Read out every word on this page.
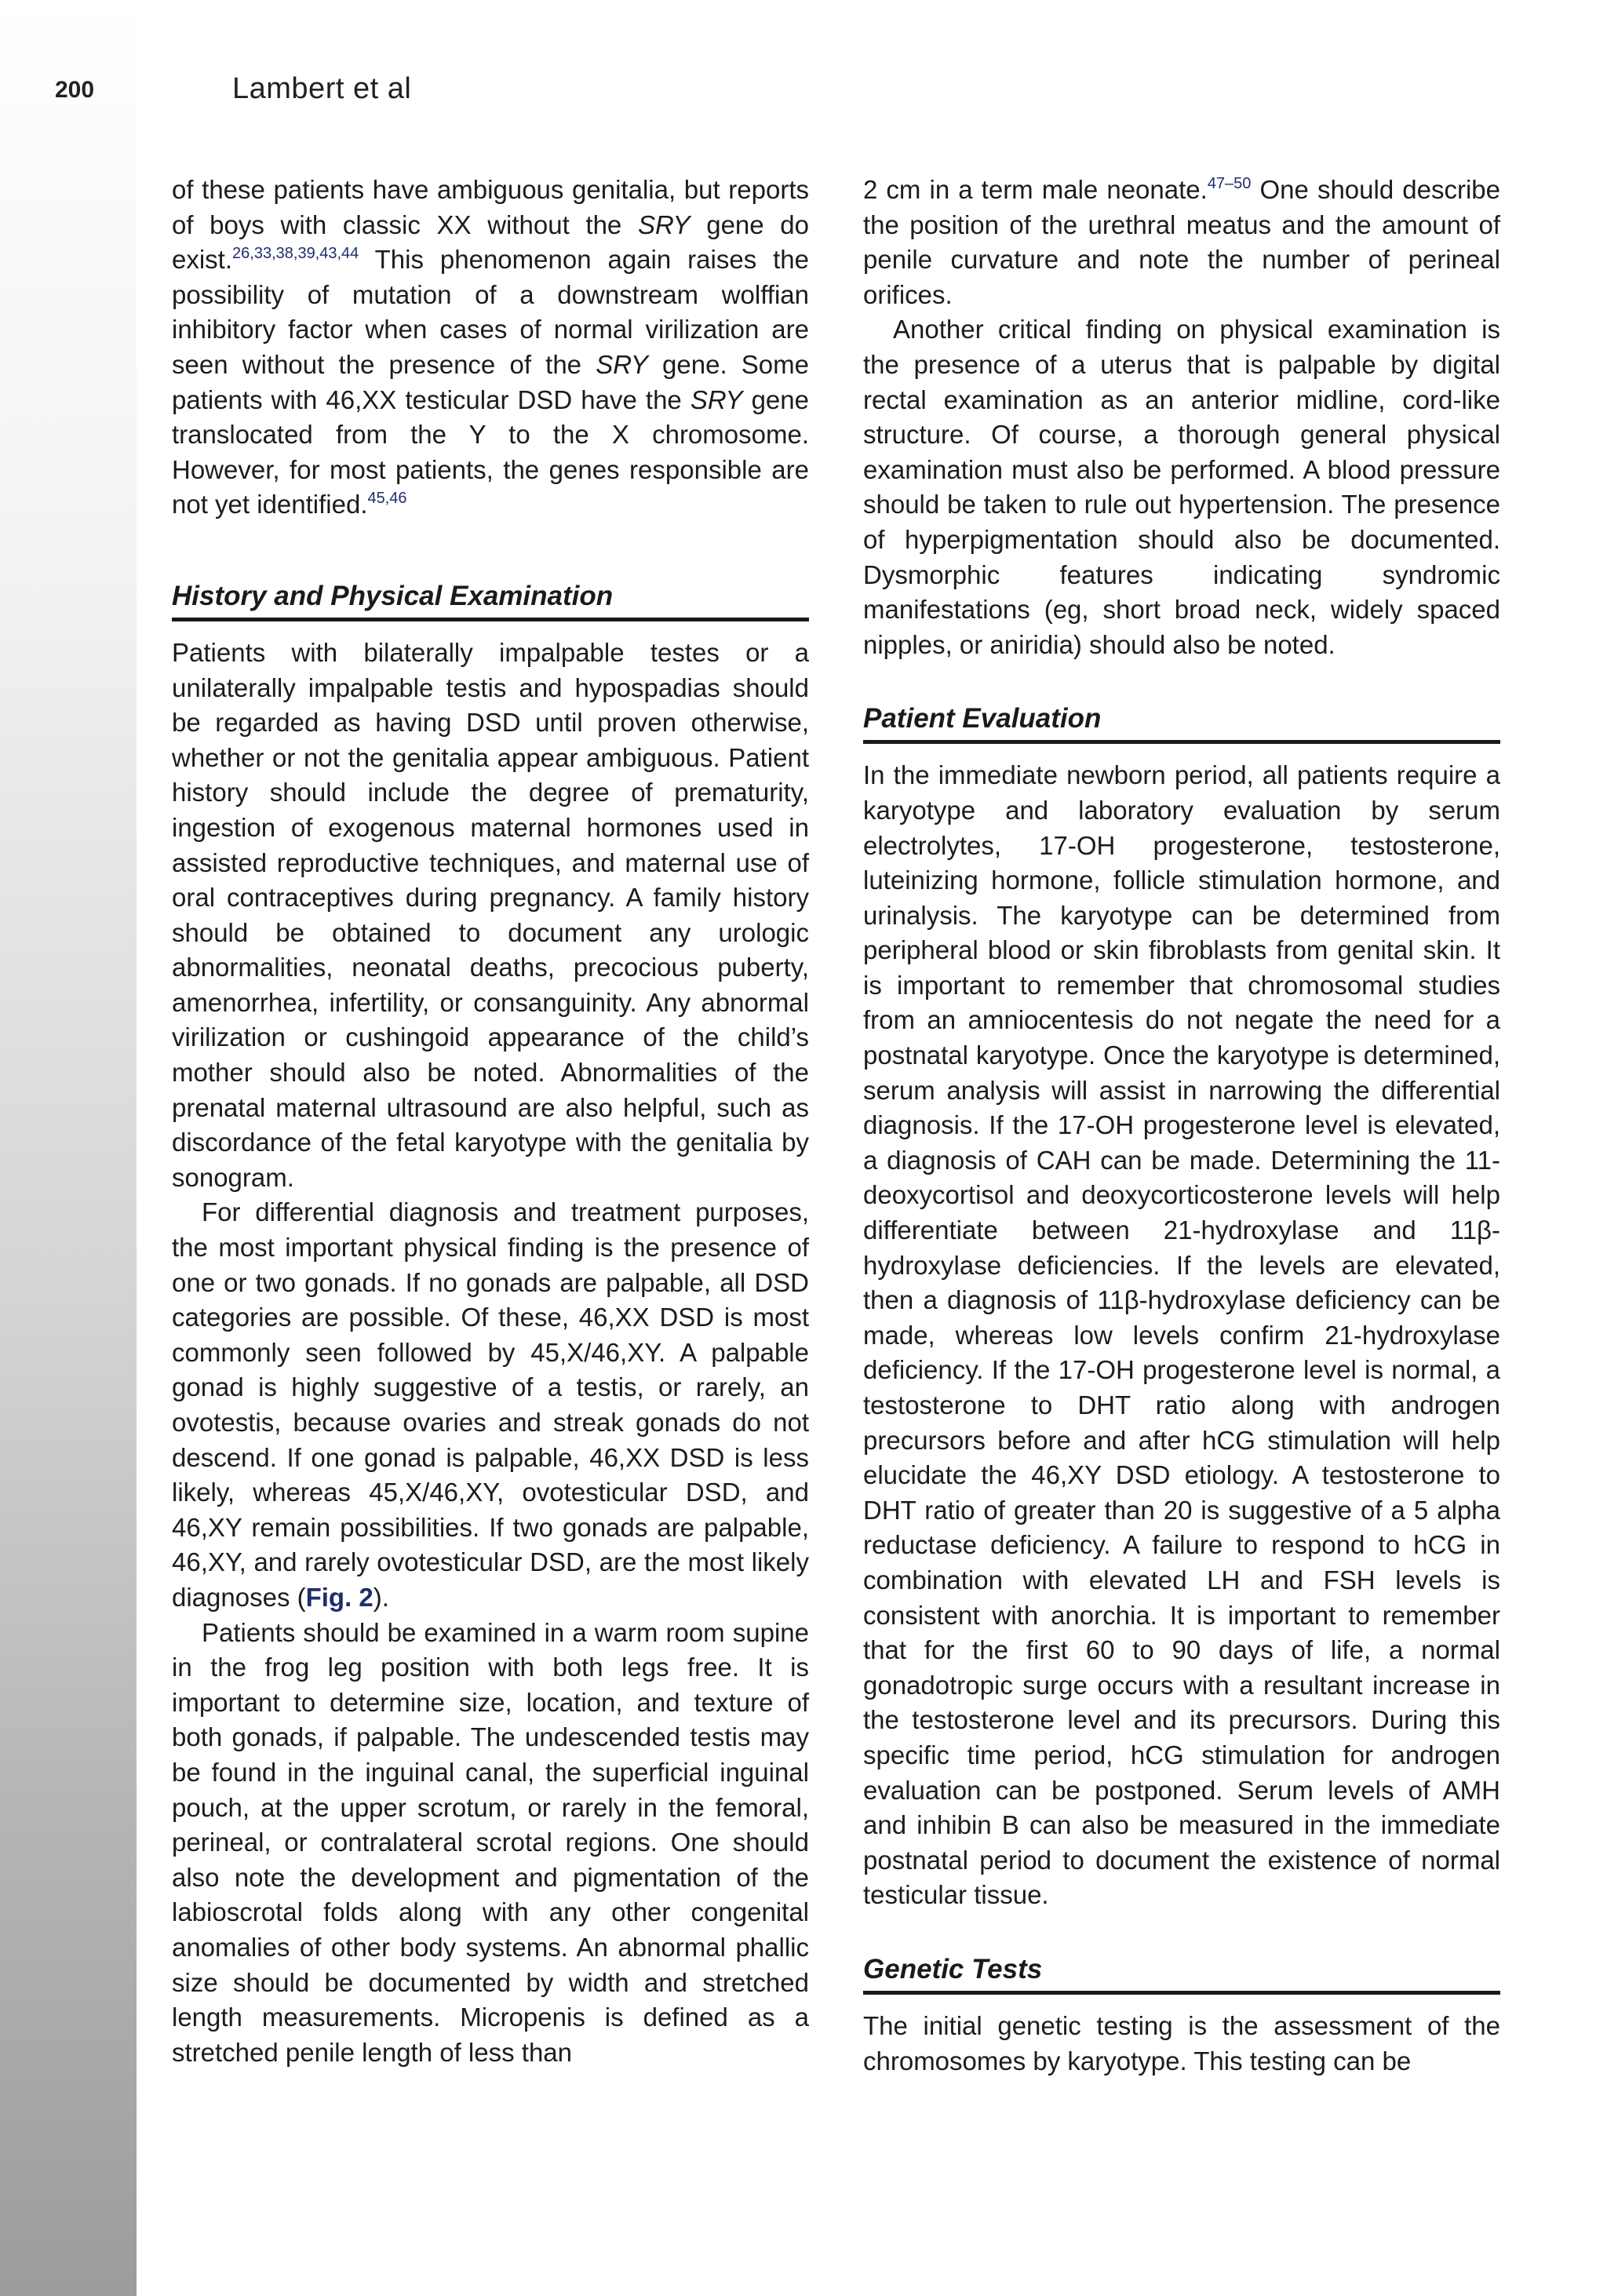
200	Lambert et al

of these patients have ambiguous genitalia, but reports of boys with classic XX without the SRY gene do exist.$^{26,33,38,39,43,44}$ This phenomenon again raises the possibility of mutation of a downstream wolffian inhibitory factor when cases of normal virilization are seen without the presence of the SRY gene. Some patients with 46,XX testicular DSD have the SRY gene translocated from the Y to the X chromosome. However, for most patients, the genes responsible are not yet identified.$^{45,46}$

History and Physical Examination

Patients with bilaterally impalpable testes or a unilaterally impalpable testis and hypospadias should be regarded as having DSD until proven otherwise, whether or not the genitalia appear ambiguous. Patient history should include the degree of prematurity, ingestion of exogenous maternal hormones used in assisted reproductive techniques, and maternal use of oral contraceptives during pregnancy. A family history should be obtained to document any urologic abnormalities, neonatal deaths, precocious puberty, amenorrhea, infertility, or consanguinity. Any abnormal virilization or cushingoid appearance of the child’s mother should also be noted. Abnormalities of the prenatal maternal ultrasound are also helpful, such as discordance of the fetal karyotype with the genitalia by sonogram.

For differential diagnosis and treatment purposes, the most important physical finding is the presence of one or two gonads. If no gonads are palpable, all DSD categories are possible. Of these, 46,XX DSD is most commonly seen followed by 45,X/46,XY. A palpable gonad is highly suggestive of a testis, or rarely, an ovotestis, because ovaries and streak gonads do not descend. If one gonad is palpable, 46,XX DSD is less likely, whereas 45,X/46,XY, ovotesticular DSD, and 46,XY remain possibilities. If two gonads are palpable, 46,XY, and rarely ovotesticular DSD, are the most likely diagnoses (Fig. 2).

Patients should be examined in a warm room supine in the frog leg position with both legs free. It is important to determine size, location, and texture of both gonads, if palpable. The undescended testis may be found in the inguinal canal, the superficial inguinal pouch, at the upper scrotum, or rarely in the femoral, perineal, or contralateral scrotal regions. One should also note the development and pigmentation of the labioscrotal folds along with any other congenital anomalies of other body systems. An abnormal phallic size should be documented by width and stretched length measurements. Micropenis is defined as a stretched penile length of less than

2 cm in a term male neonate.$^{47-50}$ One should describe the position of the urethral meatus and the amount of penile curvature and note the number of perineal orifices.

Another critical finding on physical examination is the presence of a uterus that is palpable by digital rectal examination as an anterior midline, cord-like structure. Of course, a thorough general physical examination must also be performed. A blood pressure should be taken to rule out hypertension. The presence of hyperpigmentation should also be documented. Dysmorphic features indicating syndromic manifestations (eg, short broad neck, widely spaced nipples, or aniridia) should also be noted.

Patient Evaluation

In the immediate newborn period, all patients require a karyotype and laboratory evaluation by serum electrolytes, 17-OH progesterone, testosterone, luteinizing hormone, follicle stimulation hormone, and urinalysis. The karyotype can be determined from peripheral blood or skin fibroblasts from genital skin. It is important to remember that chromosomal studies from an amniocentesis do not negate the need for a postnatal karyotype. Once the karyotype is determined, serum analysis will assist in narrowing the differential diagnosis. If the 17-OH progesterone level is elevated, a diagnosis of CAH can be made. Determining the 11-deoxycortisol and deoxycorticosterone levels will help differentiate between 21-hydroxylase and 11β-hydroxylase deficiencies. If the levels are elevated, then a diagnosis of 11β-hydroxylase deficiency can be made, whereas low levels confirm 21-hydroxylase deficiency. If the 17-OH progesterone level is normal, a testosterone to DHT ratio along with androgen precursors before and after hCG stimulation will help elucidate the 46,XY DSD etiology. A testosterone to DHT ratio of greater than 20 is suggestive of a 5 alpha reductase deficiency. A failure to respond to hCG in combination with elevated LH and FSH levels is consistent with anorchia. It is important to remember that for the first 60 to 90 days of life, a normal gonadotropic surge occurs with a resultant increase in the testosterone level and its precursors. During this specific time period, hCG stimulation for androgen evaluation can be postponed. Serum levels of AMH and inhibin B can also be measured in the immediate postnatal period to document the existence of normal testicular tissue.

Genetic Tests

The initial genetic testing is the assessment of the chromosomes by karyotype. This testing can be
